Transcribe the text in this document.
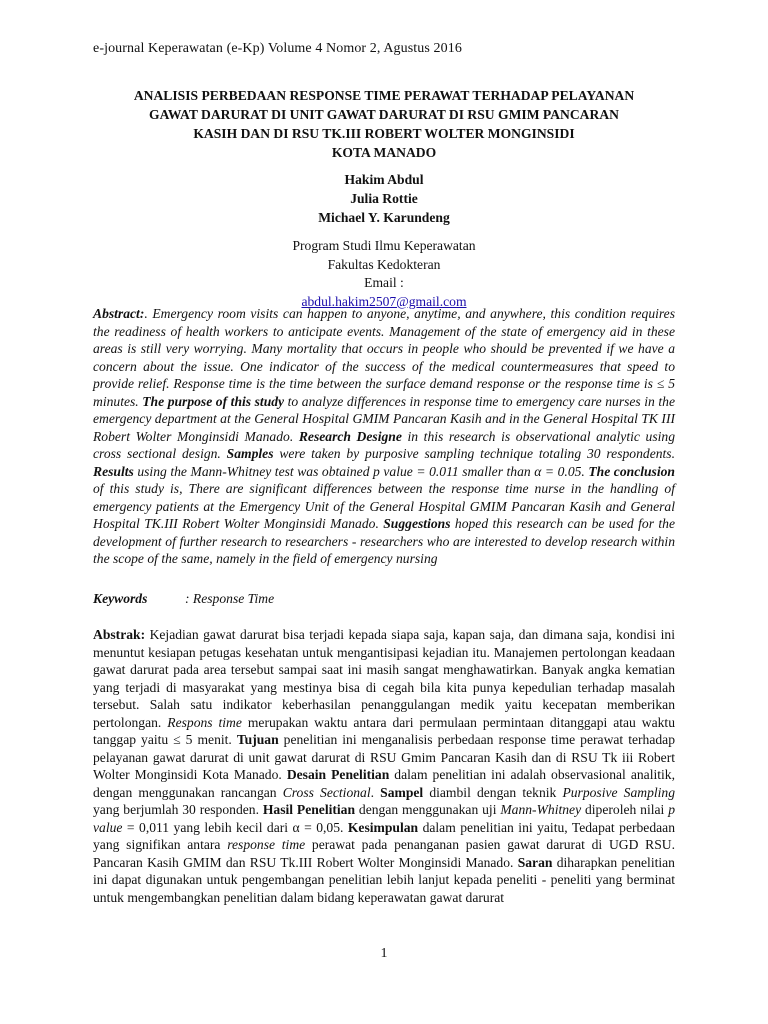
e-journal Keperawatan (e-Kp) Volume 4 Nomor 2, Agustus 2016
ANALISIS PERBEDAAN RESPONSE TIME PERAWAT TERHADAP PELAYANAN
GAWAT DARURAT DI UNIT GAWAT DARURAT DI RSU GMIM PANCARAN
KASIH DAN DI RSU TK.III ROBERT WOLTER MONGINSIDI
KOTA MANADO
Hakim Abdul
Julia Rottie
Michael Y. Karundeng
Program Studi Ilmu Keperawatan
Fakultas Kedokteran
Email :
abdul.hakim2507@gmail.com

Abstract:. Emergency room visits can happen to anyone, anytime, and anywhere, this condition requires the readiness of health workers to anticipate events. Management of the state of emergency aid in these areas is still very worrying. Many mortality that occurs in people who should be prevented if we have a concern about the issue. One indicator of the success of the medical countermeasures that speed to provide relief. Response time is the time between the surface demand response or the response time is ≤ 5 minutes. The purpose of this study to analyze differences in response time to emergency care nurses in the emergency department at the General Hospital GMIM Pancaran Kasih and in the General Hospital TK III Robert Wolter Monginsidi Manado. Research Designe in this research is observational analytic using cross sectional design. Samples were taken by purposive sampling technique totaling 30 respondents. Results using the Mann-Whitney test was obtained p value = 0.011 smaller than α = 0.05. The conclusion of this study is, There are significant differences between the response time nurse in the handling of emergency patients at the Emergency Unit of the General Hospital GMIM Pancaran Kasih and General Hospital TK.III Robert Wolter Monginsidi Manado. Suggestions hoped this research can be used for the development of further research to researchers - researchers who are interested to develop research within the scope of the same, namely in the field of emergency nursing

Keywords	: Response Time

Abstrak: Kejadian gawat darurat bisa terjadi kepada siapa saja, kapan saja, dan dimana saja, kondisi ini menuntut kesiapan petugas kesehatan untuk mengantisipasi kejadian itu. Manajemen pertolongan keadaan gawat darurat pada area tersebut sampai saat ini masih sangat menghawatirkan. Banyak angka kematian yang terjadi di masyarakat yang mestinya bisa di cegah bila kita punya kepedulian terhadap masalah tersebut. Salah satu indikator keberhasilan penanggulangan medik yaitu kecepatan memberikan pertolongan. Respons time merupakan waktu antara dari permulaan permintaan ditanggapi atau waktu tanggap yaitu ≤ 5 menit. Tujuan penelitian ini menganalisis perbedaan response time perawat terhadap pelayanan gawat darurat di unit gawat darurat di RSU Gmim Pancaran Kasih dan di RSU Tk iii Robert Wolter Monginsidi Kota Manado. Desain Penelitian dalam penelitian ini adalah observasional analitik, dengan menggunakan rancangan Cross Sectional. Sampel diambil dengan teknik Purposive Sampling yang berjumlah 30 responden. Hasil Penelitian dengan menggunakan uji Mann-Whitney diperoleh nilai p value = 0,011 yang lebih kecil dari α = 0,05. Kesimpulan dalam penelitian ini yaitu, Tedapat perbedaan yang signifikan antara response time perawat pada penanganan pasien gawat darurat di UGD RSU. Pancaran Kasih GMIM dan RSU Tk.III Robert Wolter Monginsidi Manado. Saran diharapkan penelitian ini dapat digunakan untuk pengembangan penelitian lebih lanjut kepada peneliti - peneliti yang berminat untuk mengembangkan penelitian dalam bidang keperawatan gawat darurat

1
